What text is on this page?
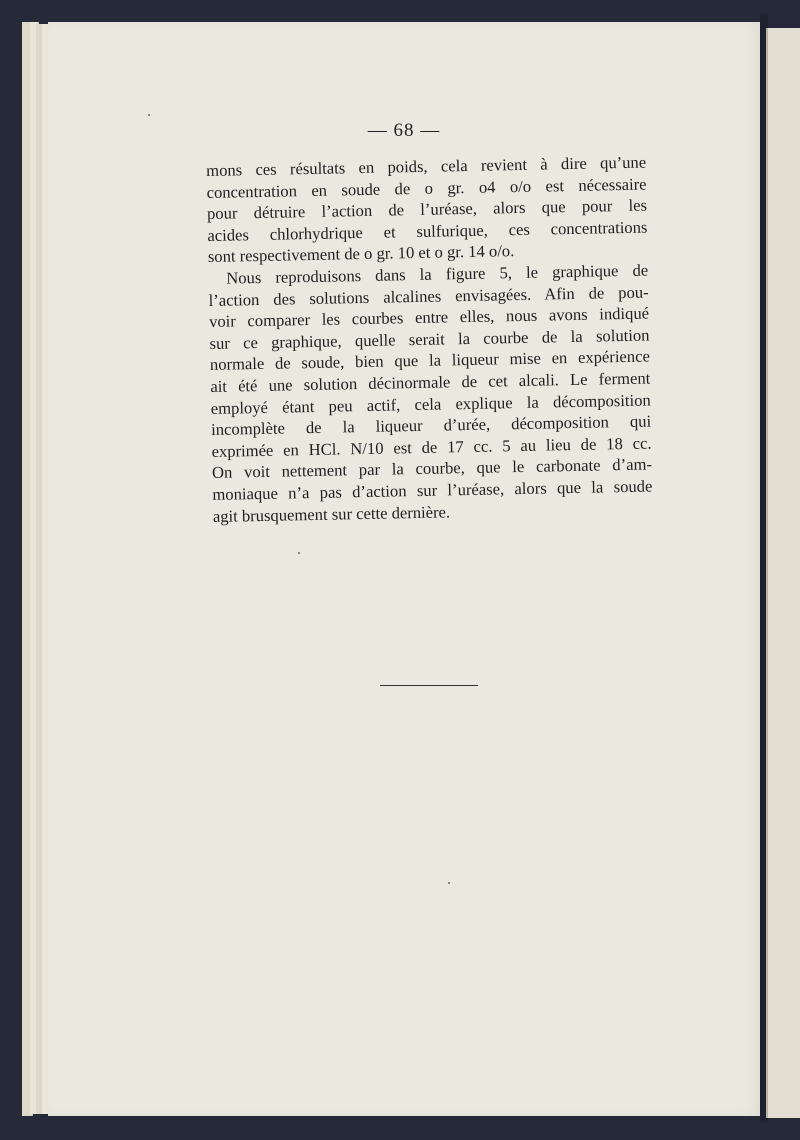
— 68 —

mons ces résultats en poids, cela revient à dire qu’une
concentration en soude de o gr. o4 o/o est nécessaire
pour détruire l’action de l’uréase, alors que pour les
acides chlorhydrique et sulfurique, ces concentrations
sont respectivement de o gr. 10 et o gr. 14 o/o.

Nous reproduisons dans la figure 5, le graphique de
l’action des solutions alcalines envisagées. Afin de pou-
voir comparer les courbes entre elles, nous avons indiqué
sur ce graphique, quelle serait la courbe de la solution
normale de soude, bien que la liqueur mise en expérience
ait été une solution décinormale de cet alcali. Le ferment
employé étant peu actif, cela explique la décomposition
incomplète de la liqueur d’urée, décomposition qui
exprimée en HCl. N/10 est de 17 cc. 5 au lieu de 18 cc.
On voit nettement par la courbe, que le carbonate d’am-
moniaque n’a pas d’action sur l’uréase, alors que la soude
agit brusquement sur cette dernière.
